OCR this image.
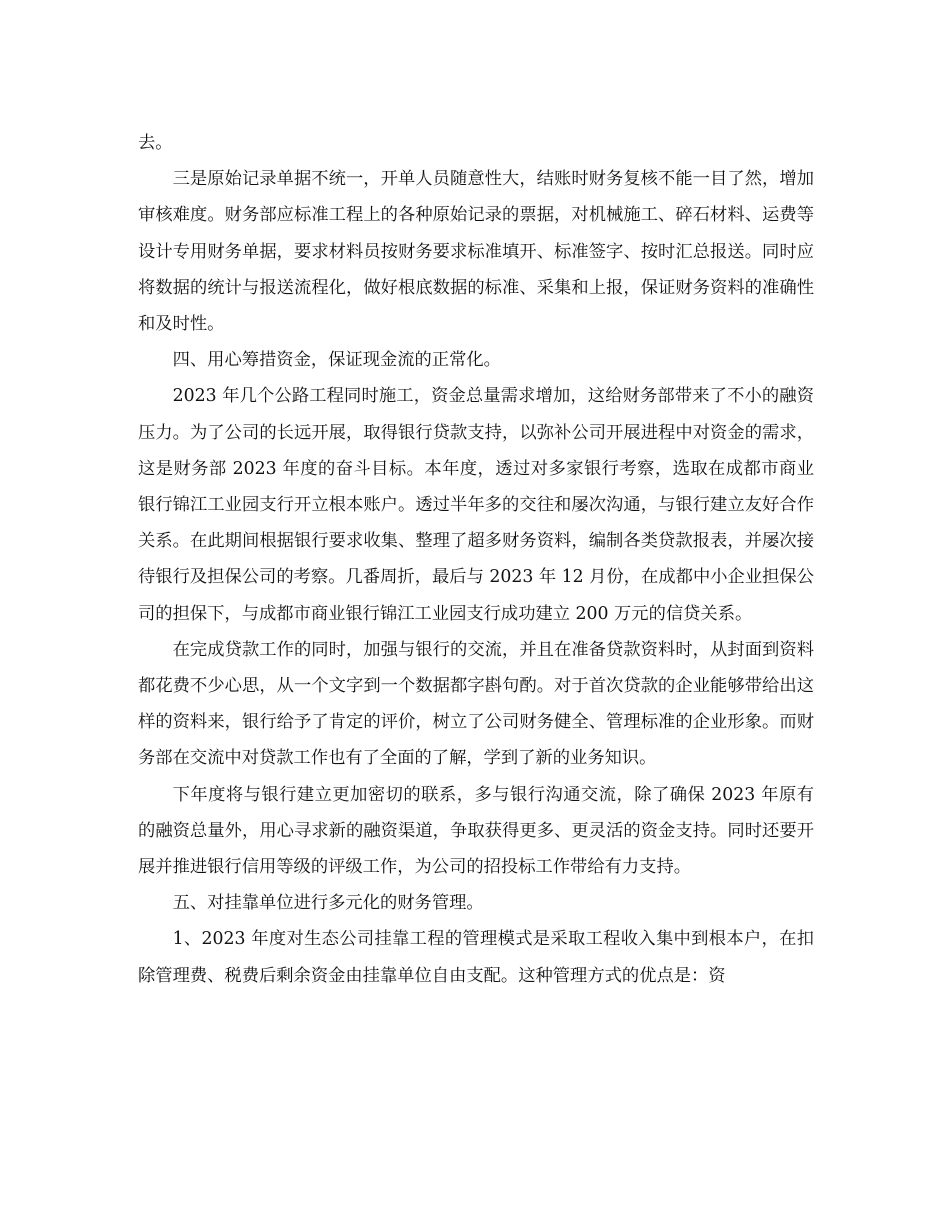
去。

三是原始记录单据不统一，开单人员随意性大，结账时财务复核不能一目了然，增加审核难度。财务部应标准工程上的各种原始记录的票据，对机械施工、碎石材料、运费等设计专用财务单据，要求材料员按财务要求标准填开、标准签字、按时汇总报送。同时应将数据的统计与报送流程化，做好根底数据的标准、采集和上报，保证财务资料的准确性和及时性。

四、用心筹措资金，保证现金流的正常化。

2023 年几个公路工程同时施工，资金总量需求增加，这给财务部带来了不小的融资压力。为了公司的长远开展，取得银行贷款支持，以弥补公司开展进程中对资金的需求，这是财务部 2023 年度的奋斗目标。本年度，透过对多家银行考察，选取在成都市商业银行锦江工业园支行开立根本账户。透过半年多的交往和屡次沟通，与银行建立友好合作关系。在此期间根据银行要求收集、整理了超多财务资料，编制各类贷款报表，并屡次接待银行及担保公司的考察。几番周折，最后与 2023 年 12 月份，在成都中小企业担保公司的担保下，与成都市商业银行锦江工业园支行成功建立 200 万元的信贷关系。

在完成贷款工作的同时，加强与银行的交流，并且在准备贷款资料时，从封面到资料都花费不少心思，从一个文字到一个数据都字斟句酌。对于首次贷款的企业能够带给出这样的资料来，银行给予了肯定的评价，树立了公司财务健全、管理标准的企业形象。而财务部在交流中对贷款工作也有了全面的了解，学到了新的业务知识。

下年度将与银行建立更加密切的联系，多与银行沟通交流，除了确保 2023 年原有的融资总量外，用心寻求新的融资渠道，争取获得更多、更灵活的资金支持。同时还要开展并推进银行信用等级的评级工作，为公司的招投标工作带给有力支持。

五、对挂靠单位进行多元化的财务管理。

1、2023 年度对生态公司挂靠工程的管理模式是采取工程收入集中到根本户，在扣除管理费、税费后剩余资金由挂靠单位自由支配。这种管理方式的优点是：资
